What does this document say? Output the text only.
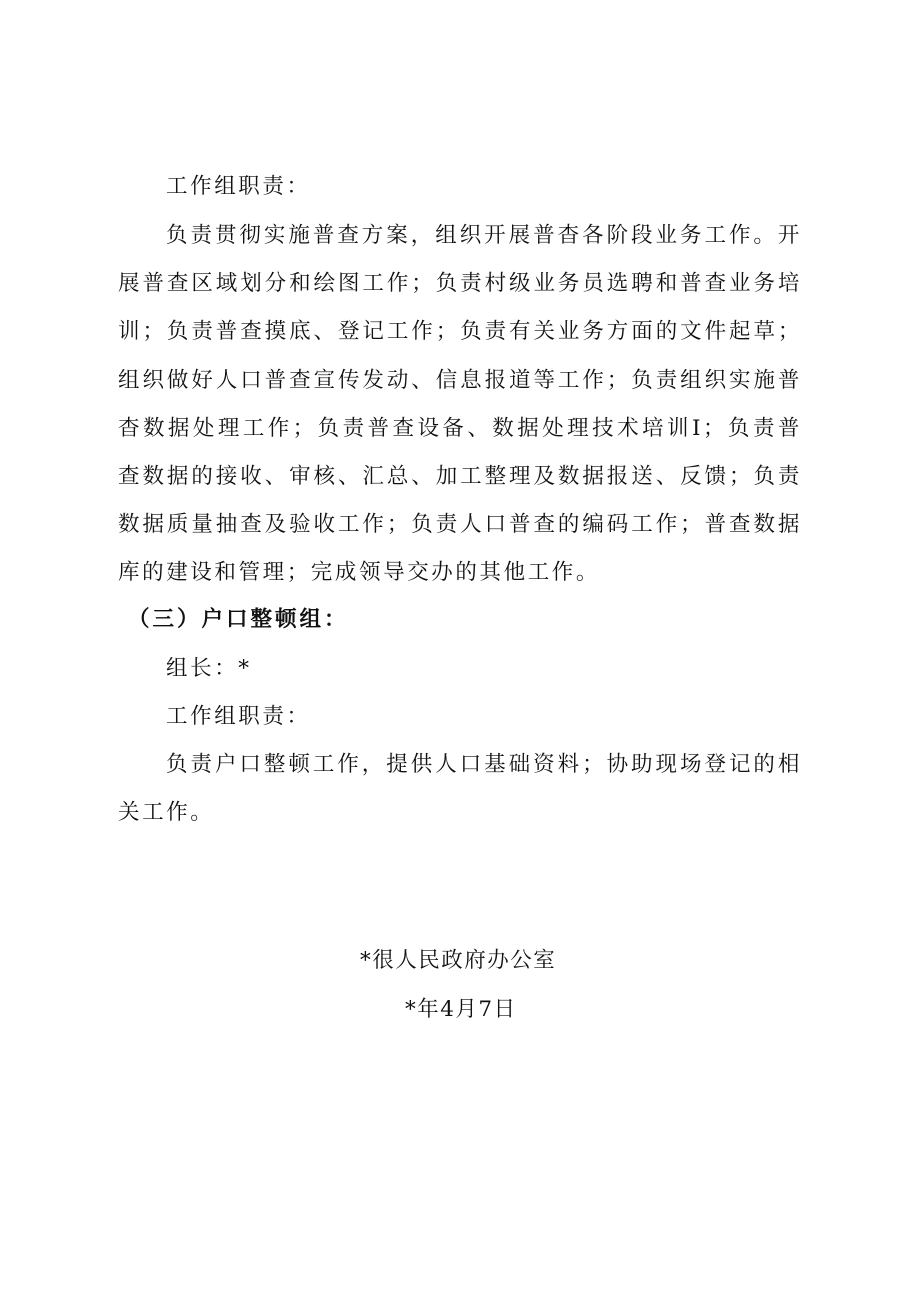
工作组职责：

负责贯彻实施普查方案，组织开展普杳各阶段业务工作。开展普查区域划分和绘图工作；负责村级业务员选聘和普查业务培训；负责普查摸底、登记工作；负责有关业务方面的文件起草；组织做好人口普查宣传发动、信息报道等工作；负责组织实施普杳数据处理工作；负责普查设备、数据处理技术培训I；负责普查数据的接收、审核、汇总、加工整理及数据报送、反馈；负责数据质量抽查及验收工作；负责人口普查的编码工作；普查数据库的建设和管理；完成领导交办的其他工作。

（三）户口整顿组：

组长：*

工作组职责：

负责户口整顿工作，提供人口基础资料；协助现场登记的相关工作。

*很人民政府办公室

*年4月7日
